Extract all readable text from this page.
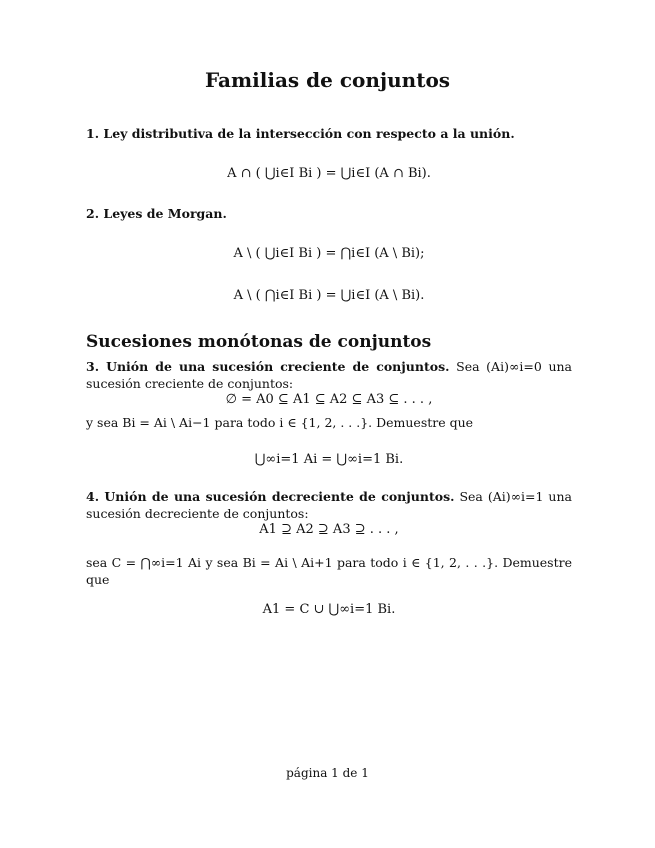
Familias de conjuntos

1. Ley distributiva de la intersección con respecto a la unión.

A ∩ ( ⋃i∈I Bi ) = ⋃i∈I (A ∩ Bi).

2. Leyes de Morgan.

A \ ( ⋃i∈I Bi ) = ⋂i∈I (A \ Bi);

A \ ( ⋂i∈I Bi ) = ⋃i∈I (A \ Bi).

Sucesiones monótonas de conjuntos

3. Unión de una sucesión creciente de conjuntos. Sea (Ai)∞i=0 una sucesión creciente de conjuntos:

∅ = A0 ⊆ A1 ⊆ A2 ⊆ A3 ⊆ . . . ,

y sea Bi = Ai \ Ai−1 para todo i ∈ {1, 2, . . .}. Demuestre que

⋃∞i=1 Ai = ⋃∞i=1 Bi.

4. Unión de una sucesión decreciente de conjuntos. Sea (Ai)∞i=1 una sucesión decreciente de conjuntos:

A1 ⊇ A2 ⊇ A3 ⊇ . . . ,

sea C = ⋂∞i=1 Ai y sea Bi = Ai \ Ai+1 para todo i ∈ {1, 2, . . .}. Demuestre que

A1 = C ∪ ⋃∞i=1 Bi.

página 1 de 1
